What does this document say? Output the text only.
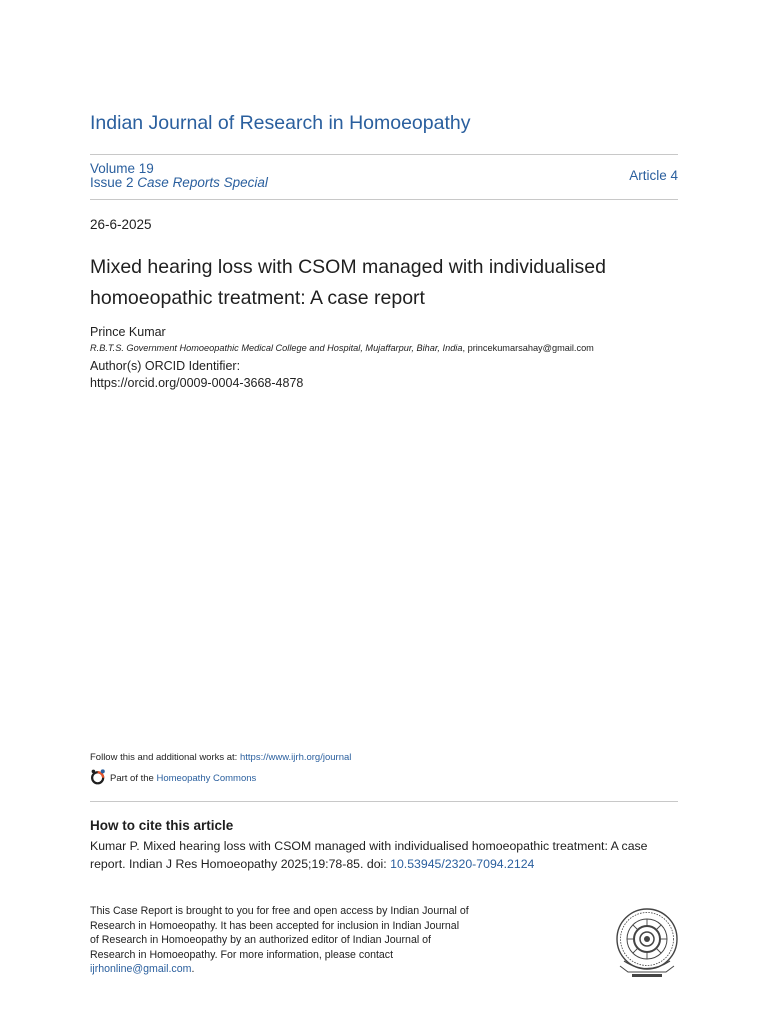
Indian Journal of Research in Homoeopathy
Volume 19
Issue 2 Case Reports Special	Article 4
26-6-2025
Mixed hearing loss with CSOM managed with individualised homoeopathic treatment: A case report
Prince Kumar
R.B.T.S. Government Homoeopathic Medical College and Hospital, Mujaffarpur, Bihar, India, princekumarsahay@gmail.com
Author(s) ORCID Identifier:
https://orcid.org/0009-0004-3668-4878
Follow this and additional works at: https://www.ijrh.org/journal
Part of the Homeopathy Commons
How to cite this article
Kumar P. Mixed hearing loss with CSOM managed with individualised homoeopathic treatment: A case report. Indian J Res Homoeopathy 2025;19:78-85. doi: 10.53945/2320-7094.2124
This Case Report is brought to you for free and open access by Indian Journal of Research in Homoeopathy. It has been accepted for inclusion in Indian Journal of Research in Homoeopathy by an authorized editor of Indian Journal of Research in Homoeopathy. For more information, please contact ijrhonline@gmail.com.
